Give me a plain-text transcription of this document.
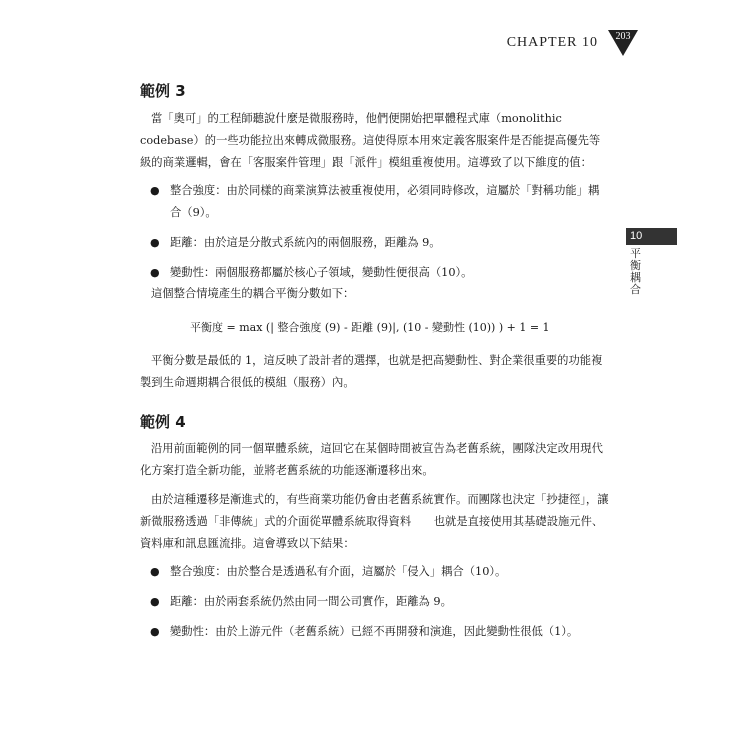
CHAPTER 10	203
10
平衡耦合
範例 3

當「奧可」的工程師聽說什麼是微服務時，他們便開始把單體程式庫（monolithic codebase）的一些功能拉出來轉成微服務。這使得原本用來定義客服案件是否能提高優先等級的商業邏輯，會在「客服案件管理」跟「派件」模組重複使用。這導致了以下維度的值：

● 整合強度：由於同樣的商業演算法被重複使用，必須同時修改，這屬於「對稱功能」耦合（9）。
● 距離：由於這是分散式系統內的兩個服務，距離為 9。
● 變動性：兩個服務都屬於核心子領域，變動性便很高（10）。

這個整合情境產生的耦合平衡分數如下：

平衡度 = max (| 整合強度 (9) - 距離 (9)|, (10 - 變動性 (10)) ) + 1 = 1

平衡分數是最低的 1，這反映了設計者的選擇，也就是把高變動性、對企業很重要的功能複製到生命週期耦合很低的模組（服務）內。

範例 4

沿用前面範例的同一個單體系統，這回它在某個時間被宣告為老舊系統，團隊決定改用現代化方案打造全新功能，並將老舊系統的功能逐漸遷移出來。

由於這種遷移是漸進式的，有些商業功能仍會由老舊系統實作。而團隊也決定「抄捷徑」，讓新微服務透過「非傳統」式的介面從單體系統取得資料　　也就是直接使用其基礎設施元件、資料庫和訊息匯流排。這會導致以下結果：

● 整合強度：由於整合是透過私有介面，這屬於「侵入」耦合（10）。
● 距離：由於兩套系統仍然由同一間公司實作，距離為 9。
● 變動性：由於上游元件（老舊系統）已經不再開發和演進，因此變動性很低（1）。
